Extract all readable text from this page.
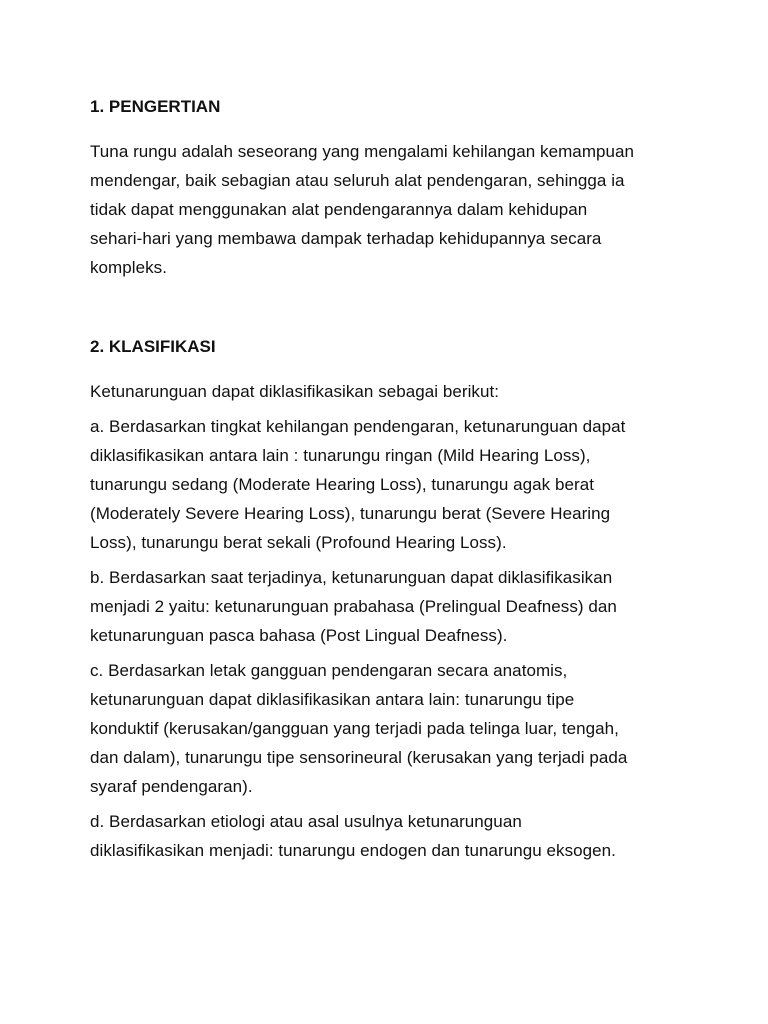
1. PENGERTIAN
Tuna rungu adalah seseorang yang mengalami kehilangan kemampuan
mendengar, baik sebagian atau seluruh alat pendengaran, sehingga ia
tidak dapat menggunakan alat pendengarannya dalam kehidupan
sehari-hari yang membawa dampak terhadap kehidupannya secara
kompleks.
2. KLASIFIKASI
Ketunarunguan dapat diklasifikasikan sebagai berikut:
a. Berdasarkan tingkat kehilangan pendengaran, ketunarunguan dapat
diklasifikasikan antara lain : tunarungu ringan (Mild Hearing Loss),
tunarungu sedang (Moderate Hearing Loss), tunarungu agak berat
(Moderately Severe Hearing Loss), tunarungu berat (Severe Hearing
Loss), tunarungu berat sekali (Profound Hearing Loss).
b. Berdasarkan saat terjadinya, ketunarunguan dapat diklasifikasikan
menjadi 2 yaitu: ketunarunguan prabahasa (Prelingual Deafness) dan
ketunarunguan pasca bahasa (Post Lingual Deafness).
c. Berdasarkan letak gangguan pendengaran secara anatomis,
ketunarunguan dapat diklasifikasikan antara lain: tunarungu tipe
konduktif (kerusakan/gangguan yang terjadi pada telinga luar, tengah,
dan dalam), tunarungu tipe sensorineural (kerusakan yang terjadi pada
syaraf pendengaran).
d. Berdasarkan etiologi atau asal usulnya ketunarunguan
diklasifikasikan menjadi: tunarungu endogen dan tunarungu eksogen.
